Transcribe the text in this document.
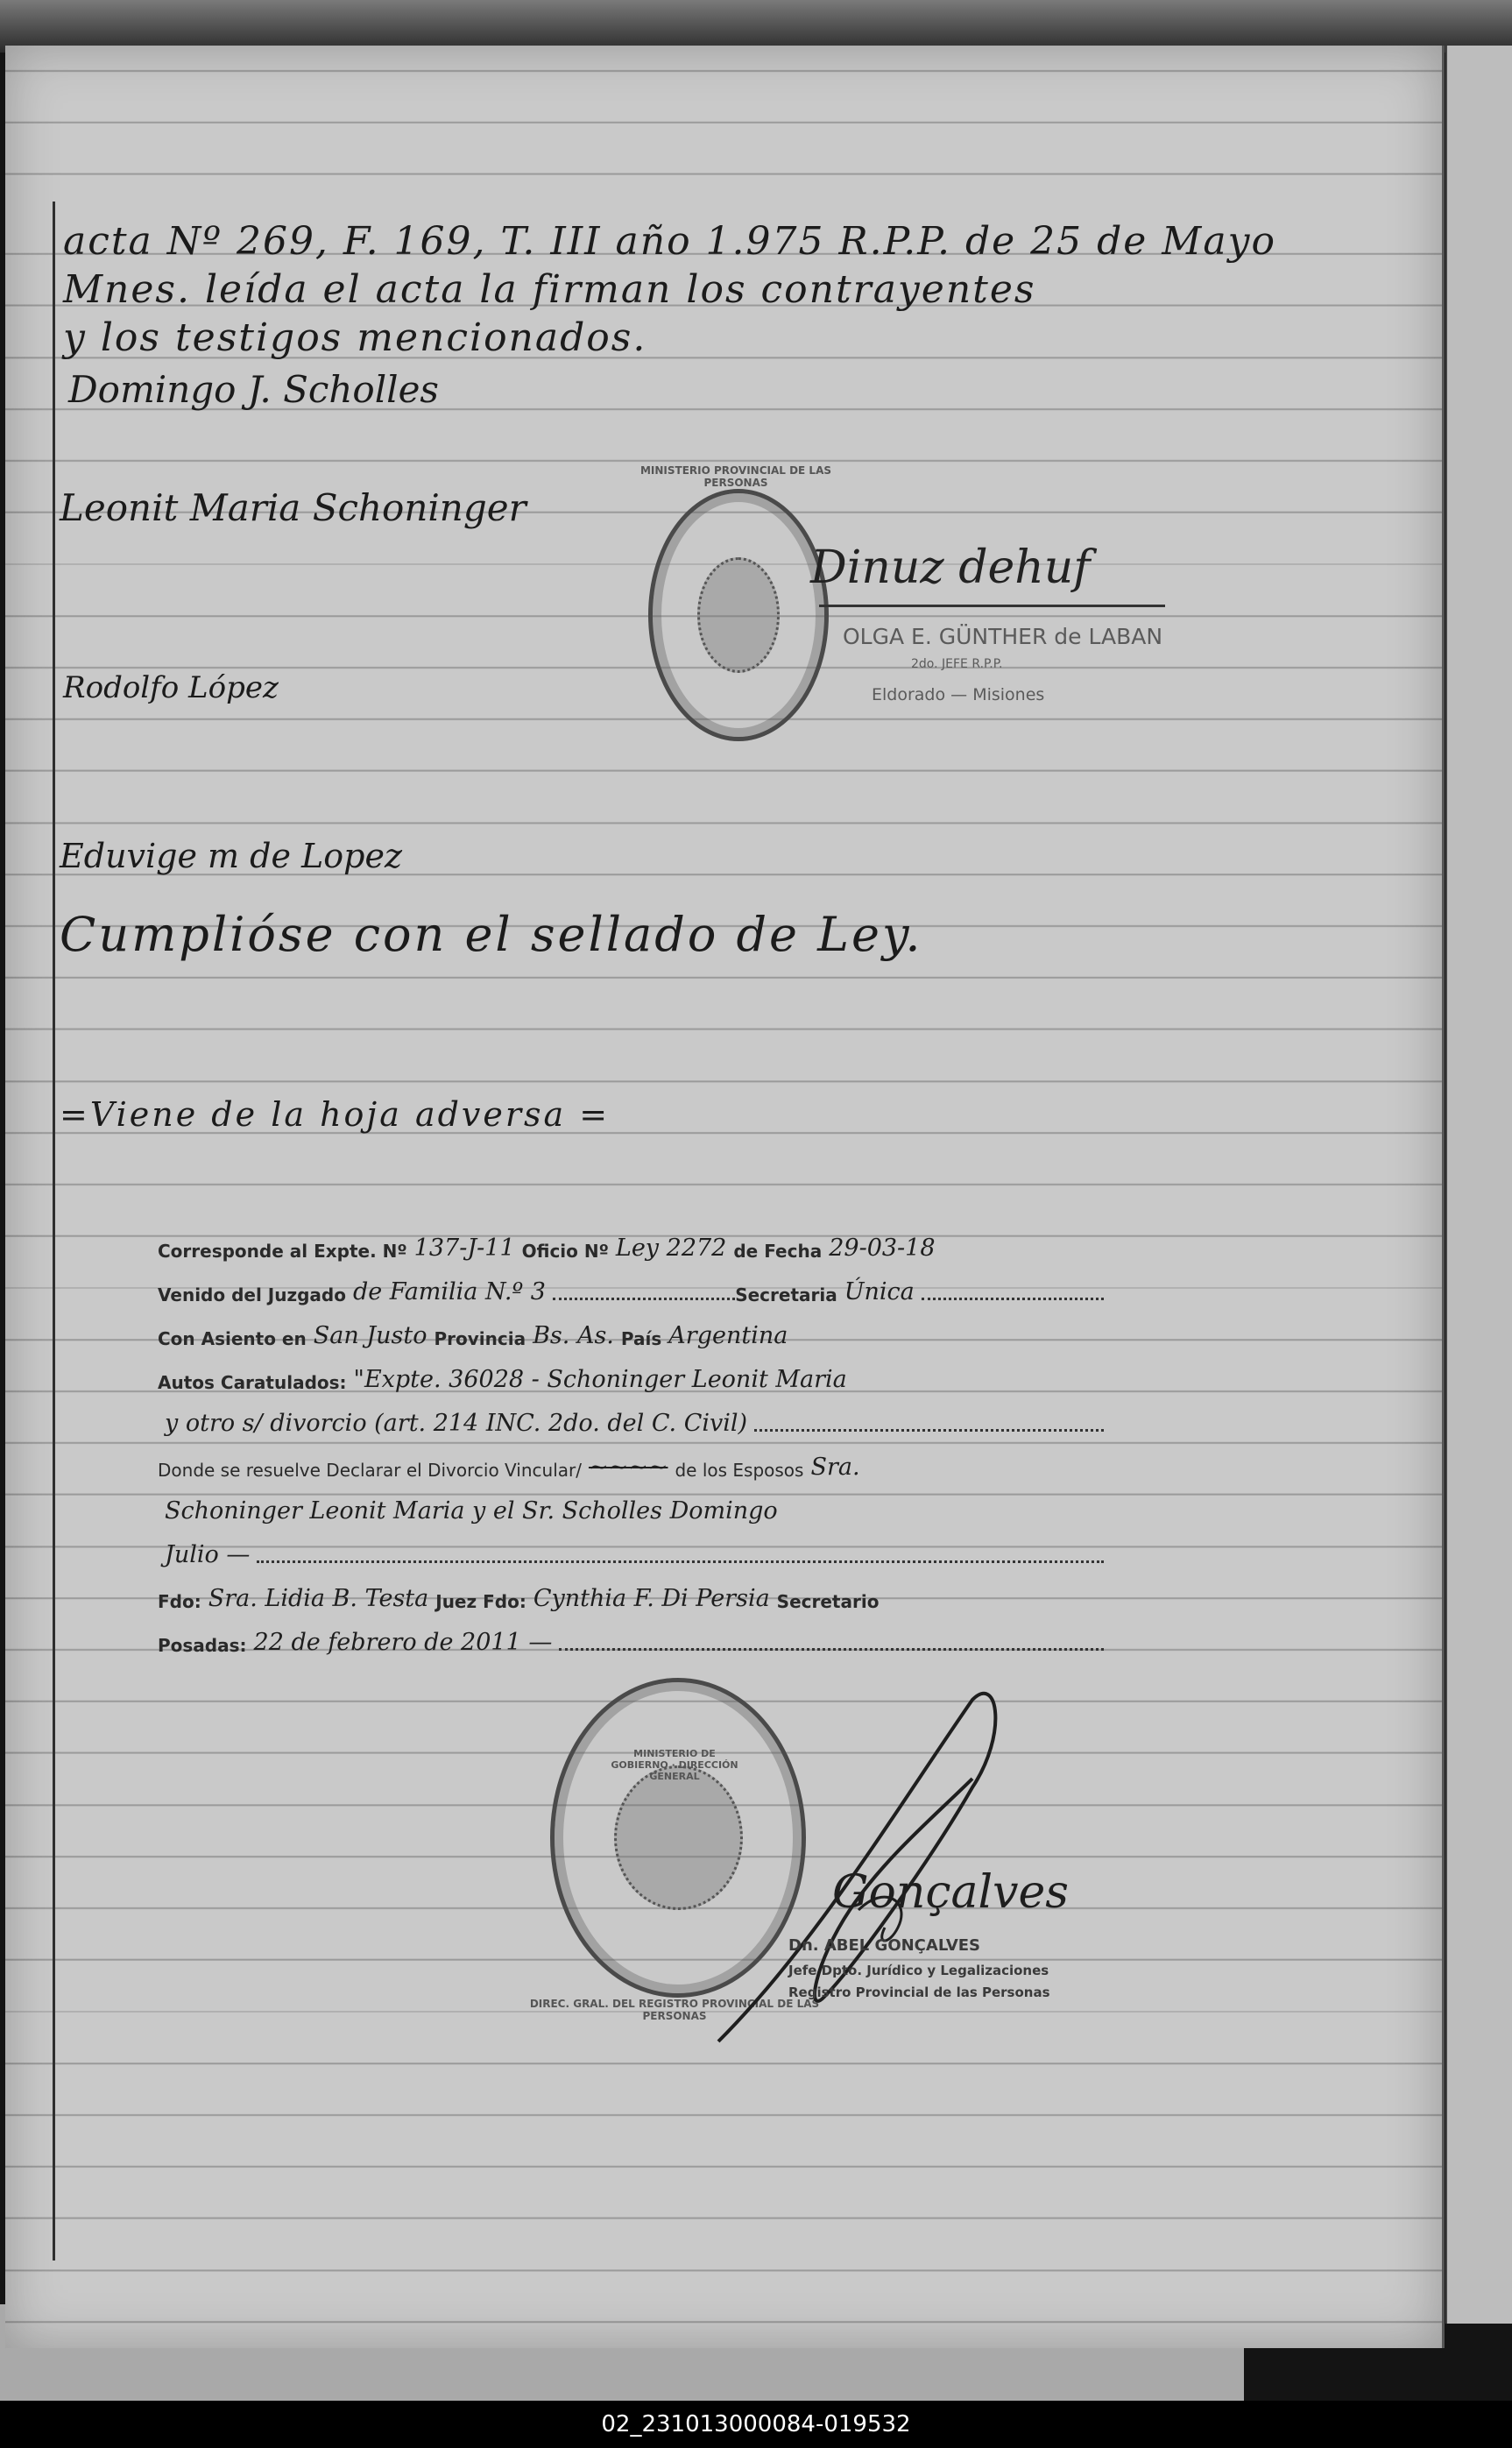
acta Nº 269, F. 169, T. III año 1.975 R.P.P. de 25 de Mayo
Mnes. leída el acta la firman los contrayentes
y los testigos mencionados.
Domingo J. Scholles
Leonit Maria Schoninger
Rodolfo López
MINISTERIO PROVINCIAL DE LAS PERSONAS
Dinuz dehuf
OLGA E. GÜNTHER de LABAN
2do. JEFE R.P.P.
Eldorado — Misiones
Eduvige m de Lopez
Cumplióse con el sellado de Ley.
=Viene de la hoja adversa =
Corresponde al Expte. Nº 137-J-11 Oficio Nº Ley 2272 de Fecha 29-03-18
Venido del Juzgado de Familia N.º 3	Secretaria Única
Con Asiento en San Justo Provincia Bs. As. País Argentina
Autos Caratulados: "Expte. 36028 - Schoninger Leonit Maria
y otro s/ divorcio (art. 214 INC. 2do. del C. Civil)
Donde se resuelve Declarar el Divorcio Vincular/ ~~~~ de los Esposos Sra.
Schoninger Leonit Maria y el Sr. Scholles Domingo
Julio —
Fdo: Sra. Lidia B. Testa Juez Fdo: Cynthia F. Di Persia Secretario
Posadas: 22 de febrero de 2011 —
DIREC. GRAL. DEL REGISTRO PROVINCIAL DE LAS PERSONAS
MINISTERIO DE GOBIERNO · DIRECCIÓN GENERAL
Gonçalves
Dn. ABEL GONÇALVES
Jefe Dpto. Jurídico y Legalizaciones
Registro Provincial de las Personas
02_231013000084-019532
